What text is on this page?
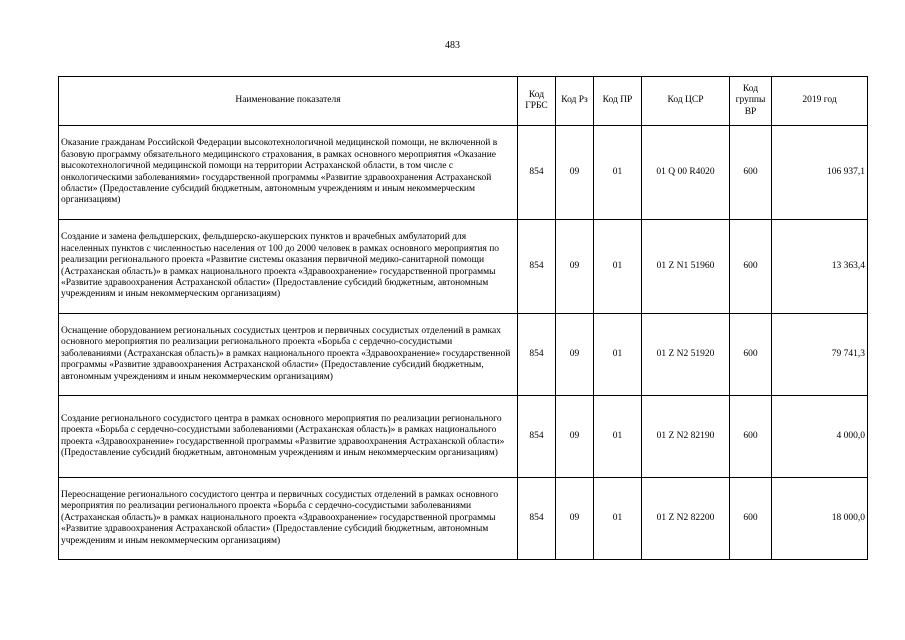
483
Наименование показателя	Код ГРБС	Код Рз	Код ПР	Код ЦСР	Код группы ВР	2019 год
Оказание гражданам Российской Федерации высокотехнологичной медицинской помощи, не включенной в базовую программу обязательного медицинского страхования, в рамках основного мероприятия «Оказание высокотехнологичной медицинской помощи на территории Астраханской области, в том числе с онкологическими заболеваниями» государственной программы «Развитие здравоохранения Астраханской области» (Предоставление субсидий бюджетным, автономным учреждениям и иным некоммерческим организациям)	854	09	01	01 Q 00 R4020	600	106 937,1
Создание и замена фельдшерских, фельдшерско-акушерских пунктов и врачебных амбулаторий для населенных пунктов с численностью населения от 100 до 2000 человек в рамках основного мероприятия по реализации регионального проекта «Развитие системы оказания первичной медико-санитарной помощи (Астраханская область)» в рамках национального проекта «Здравоохранение» государственной программы «Развитие здравоохранения Астраханской области» (Предоставление субсидий бюджетным, автономным учреждениям и иным некоммерческим организациям)	854	09	01	01 Z N1 51960	600	13 363,4
Оснащение оборудованием региональных сосудистых центров и первичных сосудистых отделений в рамках основного мероприятия по реализации регионального проекта «Борьба с сердечно-сосудистыми заболеваниями (Астраханская область)» в рамках национального проекта «Здравоохранение» государственной программы «Развитие здравоохранения Астраханской области» (Предоставление субсидий бюджетным, автономным учреждениям и иным некоммерческим организациям)	854	09	01	01 Z N2 51920	600	79 741,3
Создание регионального сосудистого центра в рамках основного мероприятия по реализации регионального проекта «Борьба с сердечно-сосудистыми заболеваниями (Астраханская область)» в рамках национального проекта «Здравоохранение» государственной программы «Развитие здравоохранения Астраханской области» (Предоставление субсидий бюджетным, автономным учреждениям и иным некоммерческим организациям)	854	09	01	01 Z N2 82190	600	4 000,0
Переоснащение регионального сосудистого центра и первичных сосудистых отделений в рамках основного мероприятия по реализации регионального проекта «Борьба с сердечно-сосудистыми заболеваниями (Астраханская область)» в рамках национального проекта «Здравоохранение» государственной программы «Развитие здравоохранения Астраханской области» (Предоставление субсидий бюджетным, автономным учреждениям и иным некоммерческим организациям)	854	09	01	01 Z N2 82200	600	18 000,0
